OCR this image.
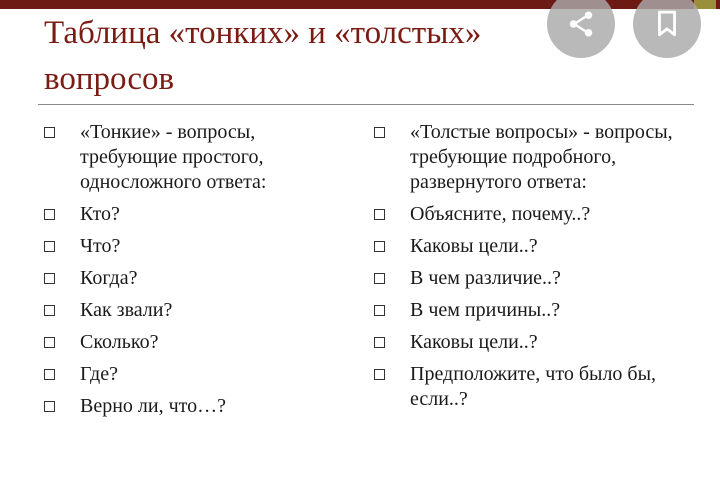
Таблица «тонких» и «толстых»
вопросов
«Тонкие» - вопросы, требующие простого, односложного ответа:
Кто?
Что?
Когда?
Как звали?
Сколько?
Где?
Верно ли, что…?
«Толстые вопросы» - вопросы, требующие подробного, развернутого ответа:
Объясните, почему..?
Каковы цели..?
В чем различие..?
В чем причины..?
Каковы цели..?
Предположите, что было бы, если..?
